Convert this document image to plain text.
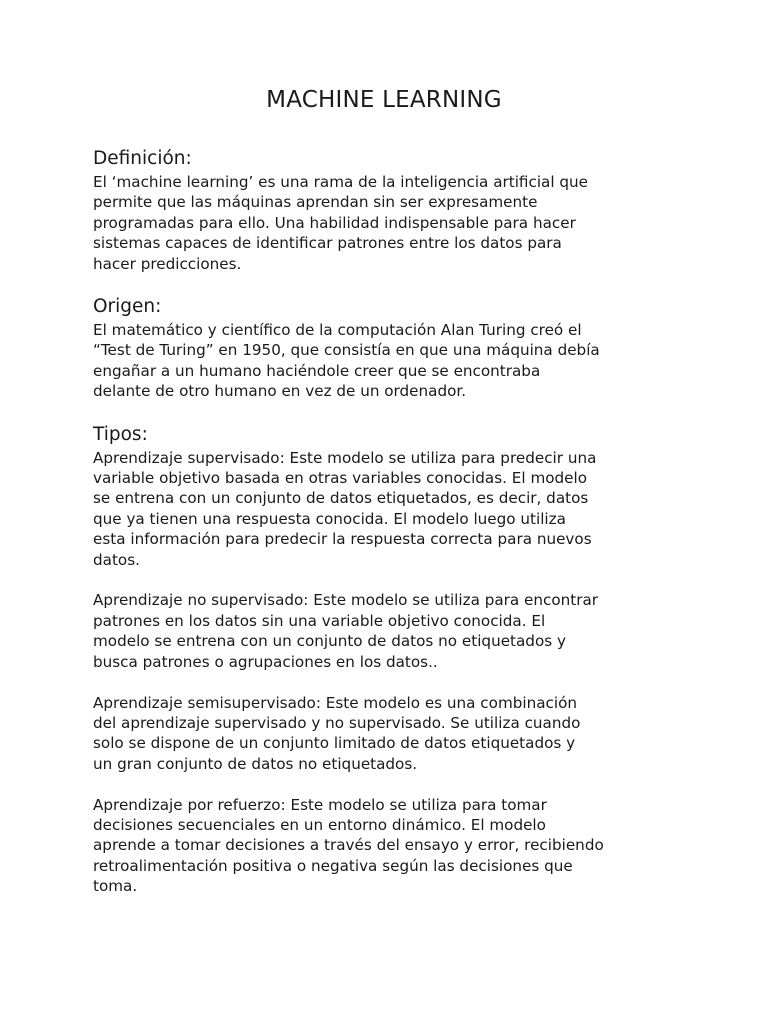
MACHINE LEARNING
Definición:

El ‘machine learning’ es una rama de la inteligencia artificial que
permite que las máquinas aprendan sin ser expresamente
programadas para ello. Una habilidad indispensable para hacer
sistemas capaces de identificar patrones entre los datos para
hacer predicciones.

Origen:

El matemático y científico de la computación Alan Turing creó el
“Test de Turing” en 1950, que consistía en que una máquina debía
engañar a un humano haciéndole creer que se encontraba
delante de otro humano en vez de un ordenador.

Tipos:

Aprendizaje supervisado: Este modelo se utiliza para predecir una
variable objetivo basada en otras variables conocidas. El modelo
se entrena con un conjunto de datos etiquetados, es decir, datos
que ya tienen una respuesta conocida. El modelo luego utiliza
esta información para predecir la respuesta correcta para nuevos
datos.

Aprendizaje no supervisado: Este modelo se utiliza para encontrar
patrones en los datos sin una variable objetivo conocida. El
modelo se entrena con un conjunto de datos no etiquetados y
busca patrones o agrupaciones en los datos..

Aprendizaje semisupervisado: Este modelo es una combinación
del aprendizaje supervisado y no supervisado. Se utiliza cuando
solo se dispone de un conjunto limitado de datos etiquetados y
un gran conjunto de datos no etiquetados.

Aprendizaje por refuerzo: Este modelo se utiliza para tomar
decisiones secuenciales en un entorno dinámico. El modelo
aprende a tomar decisiones a través del ensayo y error, recibiendo
retroalimentación positiva o negativa según las decisiones que
toma.
